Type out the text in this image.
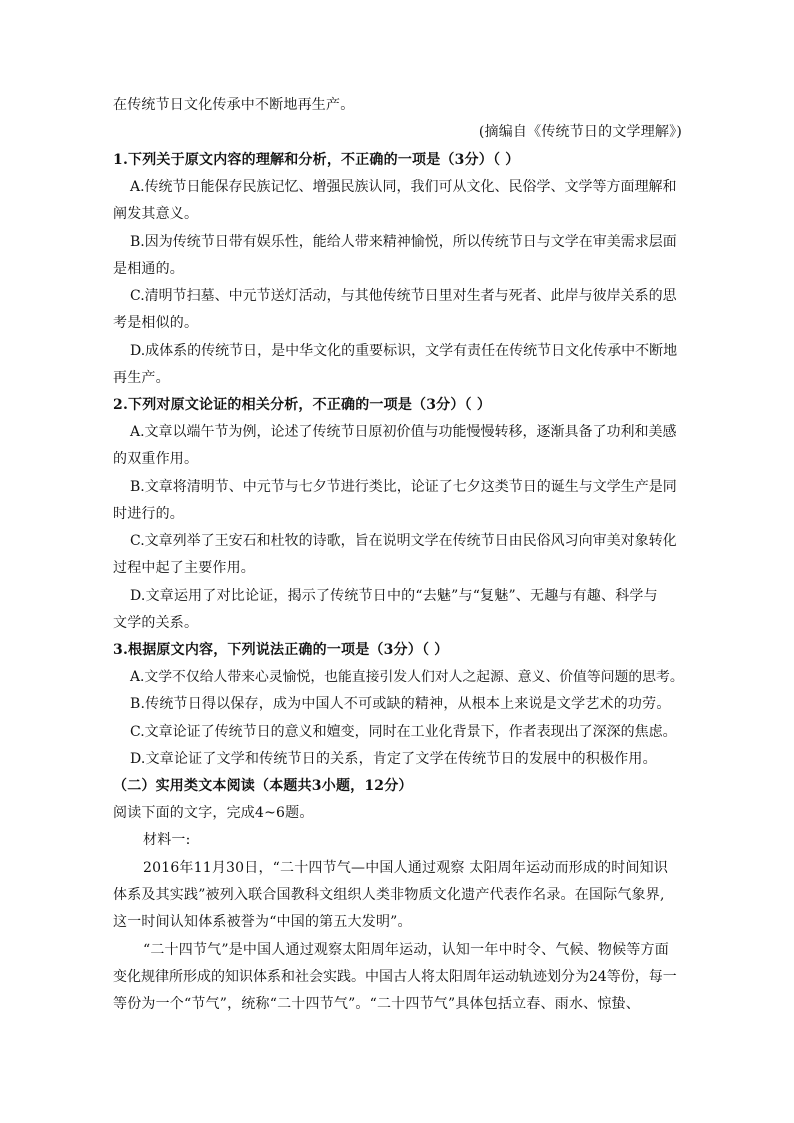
在传统节日文化传承中不断地再生产。
(摘编自《传统节日的文学理解》)
1.下列关于原文内容的理解和分析，不正确的一项是（3分）（ ）
A.传统节日能保存民族记忆、增强民族认同，我们可从文化、民俗学、文学等方面理解和
阐发其意义。
B.因为传统节日带有娱乐性，能给人带来精神愉悦，所以传统节日与文学在审美需求层面
是相通的。
C.清明节扫墓、中元节送灯活动，与其他传统节日里对生者与死者、此岸与彼岸关系的思
考是相似的。
D.成体系的传统节日，是中华文化的重要标识，文学有责任在传统节日文化传承中不断地
再生产。
2.下列对原文论证的相关分析，不正确的一项是（3分）（ ）
A.文章以端午节为例，论述了传统节日原初价值与功能慢慢转移，逐渐具备了功利和美感
的双重作用。
B.文章将清明节、中元节与七夕节进行类比，论证了七夕这类节日的诞生与文学生产是同
时进行的。
C.文章列举了王安石和杜牧的诗歌，旨在说明文学在传统节日由民俗风习向审美对象转化
过程中起了主要作用。
D.文章运用了对比论证，揭示了传统节日中的“去魅”与“复魅”、无趣与有趣、科学与
文学的关系。
3.根据原文内容，下列说法正确的一项是（3分）（ ）
A.文学不仅给人带来心灵愉悦，也能直接引发人们对人之起源、意义、价值等问题的思考。
B.传统节日得以保存，成为中国人不可或缺的精神，从根本上来说是文学艺术的功劳。
C.文章论证了传统节日的意义和嬗变，同时在工业化背景下，作者表现出了深深的焦虑。
D.文章论证了文学和传统节日的关系，肯定了文学在传统节日的发展中的积极作用。
（二）实用类文本阅读（本题共3小题，12分）
阅读下面的文字，完成4~6题。
材料一:
2016年11月30日，“二十四节气—中国人通过观察 太阳周年运动而形成的时间知识
体系及其实践”被列入联合国教科文组织人类非物质文化遗产代表作名录。在国际气象界,
这一时间认知体系被誉为“中国的第五大发明”。
“二十四节气”是中国人通过观察太阳周年运动，认知一年中时令、气候、物候等方面
变化规律所形成的知识体系和社会实践。中国古人将太阳周年运动轨迹划分为24等份，每一
等份为一个“节气”，统称“二十四节气”。“二十四节气”具体包括立春、雨水、惊蛰、
